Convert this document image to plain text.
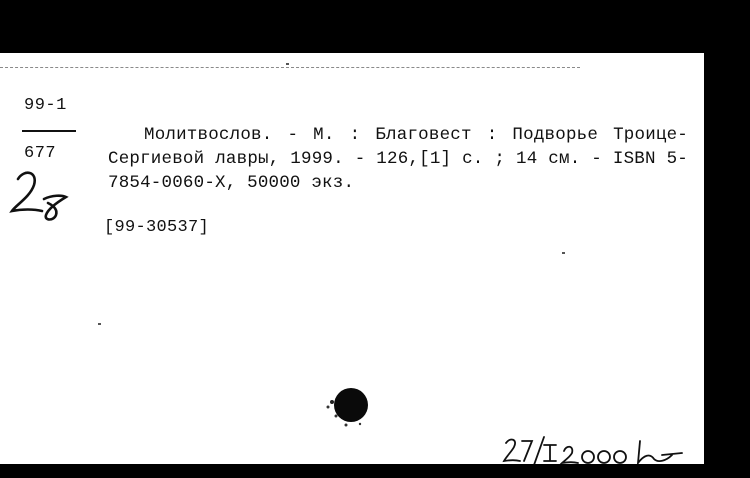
99-1
677
Молитвослов. - М. : Благовест : Подворье Троице-Сергиевой лавры, 1999. - 126,[1] с. ; 14 см. - ISBN 5-7854-0060-X, 50000 экз.
[99-30537]
